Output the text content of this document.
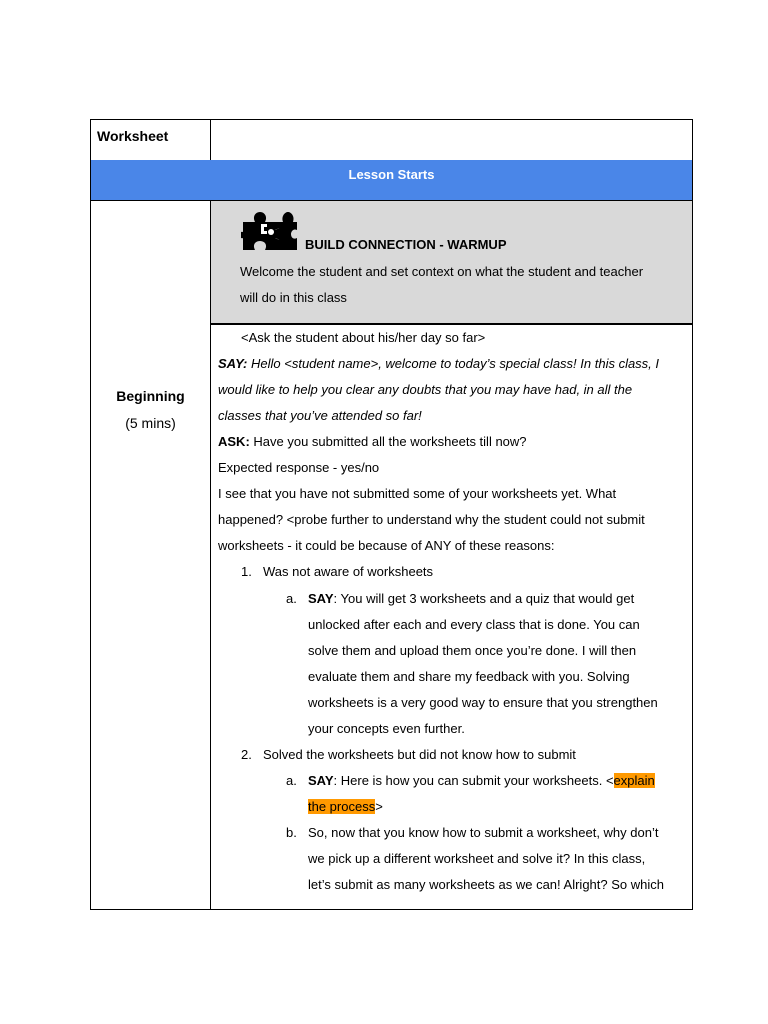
Worksheet
Lesson Starts
Beginning
(5 mins)
BUILD CONNECTION - WARMUP
Welcome the student and set context on what the student and teacher
will do in this class
<Ask the student about his/her day so far>
SAY: Hello <student name>, welcome to today’s special class! In this class, I
would like to help you clear any doubts that you may have had, in all the
classes that you’ve attended so far!
ASK: Have you submitted all the worksheets till now?
Expected response - yes/no
I see that you have not submitted some of your worksheets yet. What
happened? <probe further to understand why the student could not submit
worksheets - it could be because of ANY of these reasons:
1. Was not aware of worksheets
a. SAY: You will get 3 worksheets and a quiz that would get
unlocked after each and every class that is done. You can
solve them and upload them once you’re done. I will then
evaluate them and share my feedback with you. Solving
worksheets is a very good way to ensure that you strengthen
your concepts even further.
2. Solved the worksheets but did not know how to submit
a. SAY: Here is how you can submit your worksheets. <explain
the process>
b. So, now that you know how to submit a worksheet, why don’t
we pick up a different worksheet and solve it? In this class,
let’s submit as many worksheets as we can! Alright? So which
